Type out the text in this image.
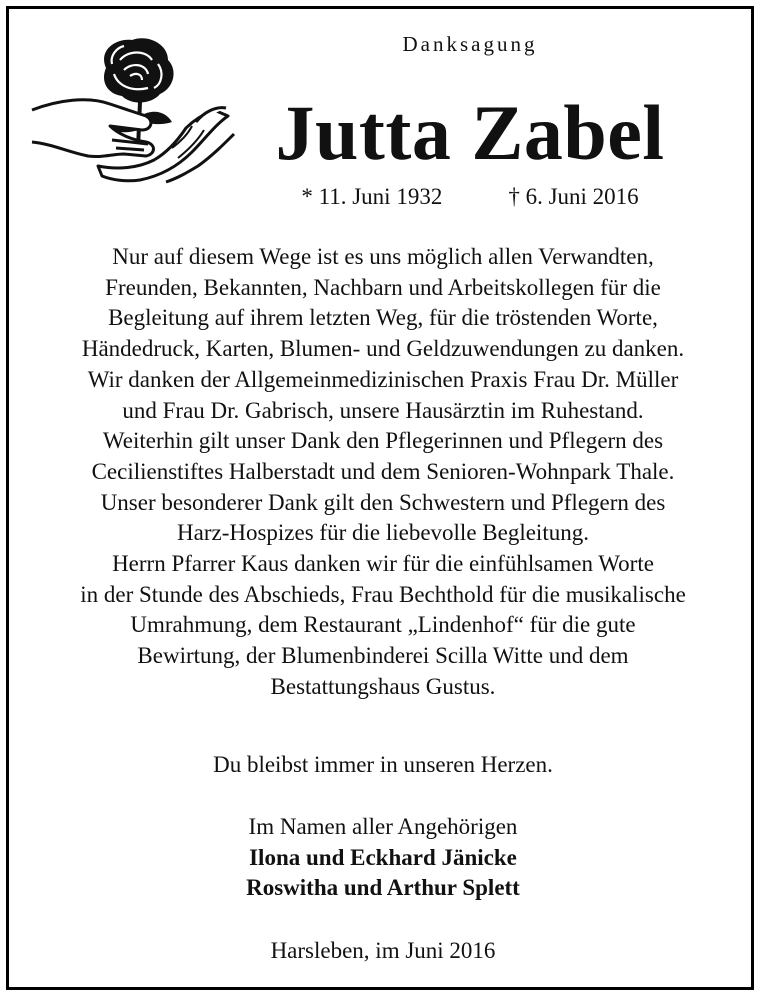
Danksagung
Jutta Zabel
* 11. Juni 1932	† 6. Juni 2016
Nur auf diesem Wege ist es uns möglich allen Verwandten,
Freunden, Bekannten, Nachbarn und Arbeitskollegen für die
Begleitung auf ihrem letzten Weg, für die tröstenden Worte,
Händedruck, Karten, Blumen- und Geldzuwendungen zu danken.
Wir danken der Allgemeinmedizinischen Praxis Frau Dr. Müller
und Frau Dr. Gabrisch, unsere Hausärztin im Ruhestand.
Weiterhin gilt unser Dank den Pflegerinnen und Pflegern des
Cecilienstiftes Halberstadt und dem Senioren-Wohnpark Thale.
Unser besonderer Dank gilt den Schwestern und Pflegern des
Harz-Hospizes für die liebevolle Begleitung.
Herrn Pfarrer Kaus danken wir für die einfühlsamen Worte
in der Stunde des Abschieds, Frau Bechthold für die musikalische
Umrahmung, dem Restaurant „Lindenhof“ für die gute
Bewirtung, der Blumenbinderei Scilla Witte und dem
Bestattungshaus Gustus.
Du bleibst immer in unseren Herzen.
Im Namen aller Angehörigen
Ilona und Eckhard Jänicke
Roswitha und Arthur Splett
Harsleben, im Juni 2016
